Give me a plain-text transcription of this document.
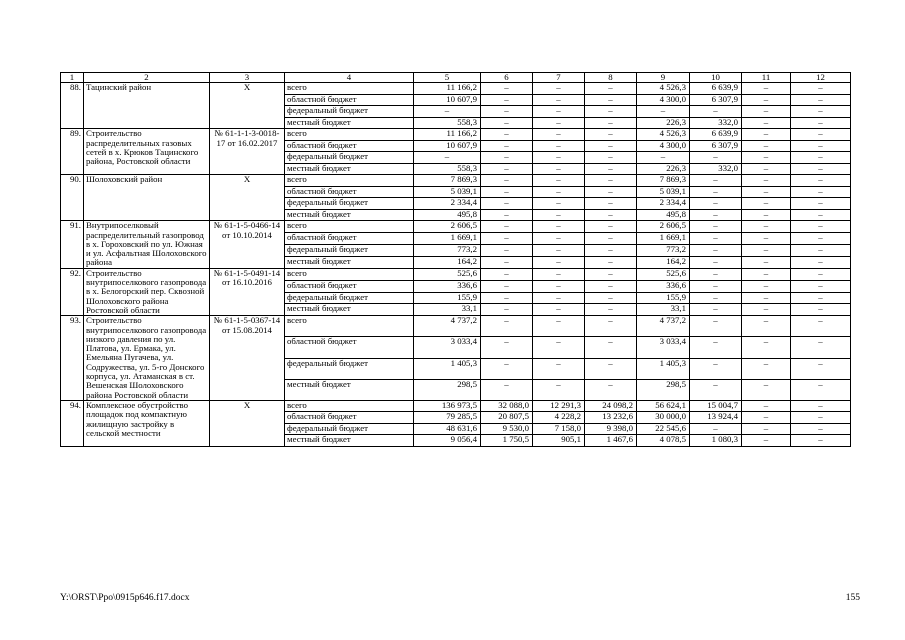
1	2	3	4	5	6	7	8	9	10	11	12
88.	Тацинский район	Х	всего	11 166,2	–	–	–	4 526,3	6 639,9	–	–
			областной бюджет	10 607,9	–	–	–	4 300,0	6 307,9	–	–
			федеральный бюджет	–	–	–	–	–	–	–	–
			местный бюджет	558,3	–	–	–	226,3	332,0	–	–
89.	Строительство распределительных газовых сетей в х. Крюков Тацинского района, Ростовской области	№ 61-1-1-3-0018-17 от 16.02.2017	всего	11 166,2	–	–	–	4 526,3	6 639,9	–	–
			областной бюджет	10 607,9	–	–	–	4 300,0	6 307,9	–	–
			федеральный бюджет	–	–	–	–	–	–	–	–
			местный бюджет	558,3	–	–	–	226,3	332,0	–	–
90.	Шолоховский район	Х	всего	7 869,3	–	–	–	7 869,3	–	–	–
			областной бюджет	5 039,1	–	–	–	5 039,1	–	–	–
			федеральный бюджет	2 334,4	–	–	–	2 334,4	–	–	–
			местный бюджет	495,8	–	–	–	495,8	–	–	–
91.	Внутрипоселковый распределительный газопровод в х. Гороховский по ул. Южная и ул. Асфальтная Шолоховского района	№ 61-1-5-0466-14 от 10.10.2014	всего	2 606,5	–	–	–	2 606,5	–	–	–
			областной бюджет	1 669,1	–	–	–	1 669,1	–	–	–
			федеральный бюджет	773,2	–	–	–	773,2	–	–	–
			местный бюджет	164,2	–	–	–	164,2	–	–	–
92.	Строительство внутрипоселкового газопровода в х. Белогорский пер. Сквозной Шолоховского района Ростовской области	№ 61-1-5-0491-14 от 16.10.2016	всего	525,6	–	–	–	525,6	–	–	–
			областной бюджет	336,6	–	–	–	336,6	–	–	–
			федеральный бюджет	155,9	–	–	–	155,9	–	–	–
			местный бюджет	33,1	–	–	–	33,1	–	–	–
93.	Строительство внутрипоселкового газопровода низкого давления по ул. Платова, ул. Ермака, ул. Емельяна Пугачева, ул. Содружества, ул. 5-го Донского корпуса, ул. Атаманская в ст. Вешенская Шолоховского района Ростовской области	№ 61-1-5-0367-14 от 15.08.2014	всего	4 737,2	–	–	–	4 737,2	–	–	–
			областной бюджет	3 033,4	–	–	–	3 033,4	–	–	–
			федеральный бюджет	1 405,3	–	–	–	1 405,3	–	–	–
			местный бюджет	298,5	–	–	–	298,5	–	–	–
94.	Комплексное обустройство площадок под компактную жилищную застройку в сельской местности	Х	всего	136 973,5	32 088,0	12 291,3	24 098,2	56 624,1	15 004,7	–	–
			областной бюджет	79 285,5	20 807,5	4 228,2	13 232,6	30 000,0	13 924,4	–	–
			федеральный бюджет	48 631,6	9 530,0	7 158,0	9 398,0	22 545,6	–	–	–
			местный бюджет	9 056,4	1 750,5	905,1	1 467,6	4 078,5	1 080,3	–	–
Y:\ORST\Ppo\0915p646.f17.docx	155
